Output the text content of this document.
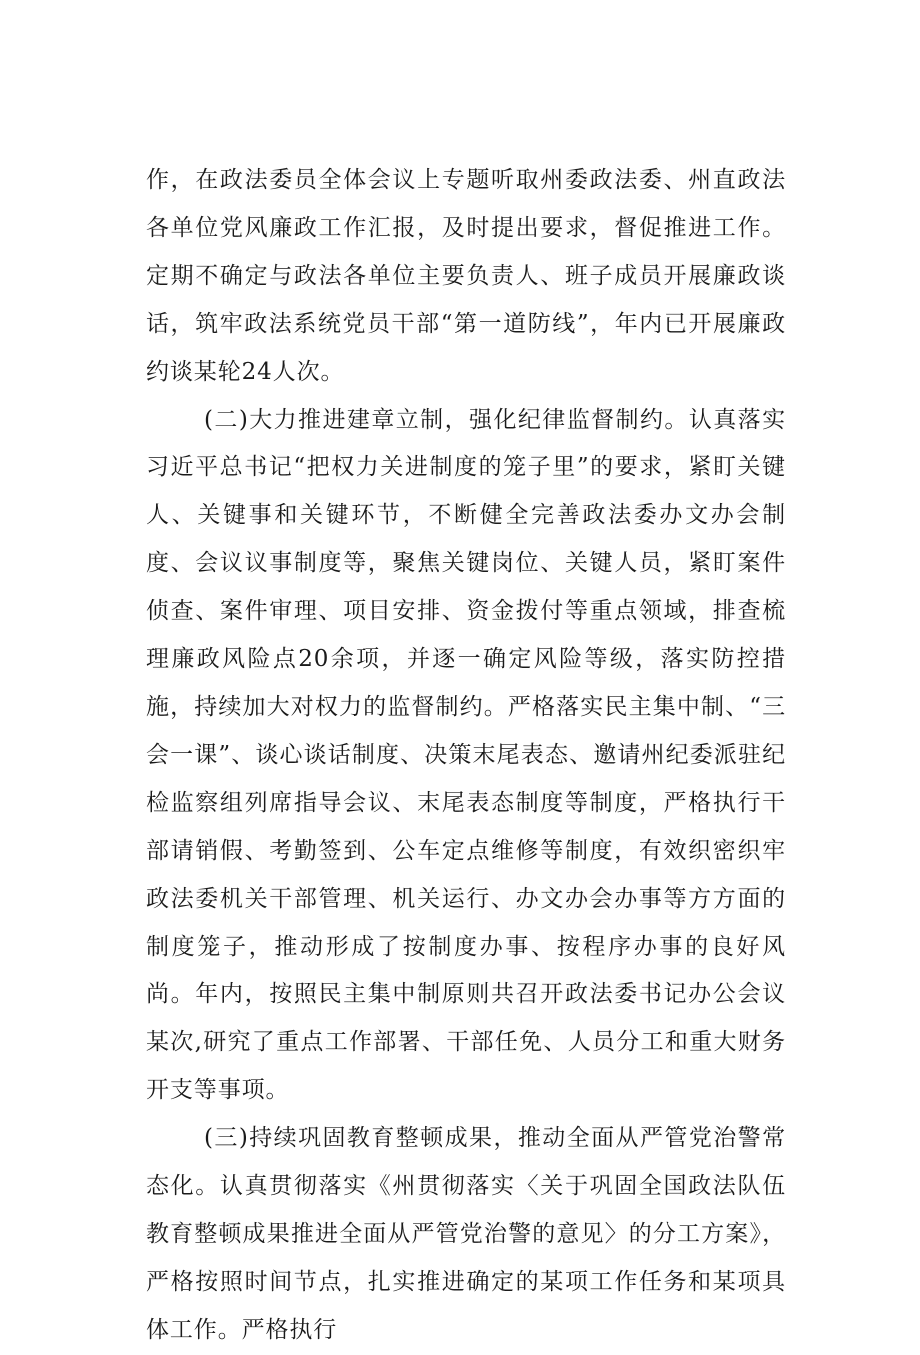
作，在政法委员全体会议上专题听取州委政法委、州直政法各单位党风廉政工作汇报，及时提出要求，督促推进工作。定期不确定与政法各单位主要负责人、班子成员开展廉政谈话，筑牢政法系统党员干部“第一道防线”，年内已开展廉政约谈某轮24人次。

(二)大力推进建章立制，强化纪律监督制约。认真落实习近平总书记“把权力关进制度的笼子里”的要求，紧盯关键人、关键事和关键环节，不断健全完善政法委办文办会制度、会议议事制度等，聚焦关键岗位、关键人员，紧盯案件侦查、案件审理、项目安排、资金拨付等重点领域，排查梳理廉政风险点20余项，并逐一确定风险等级，落实防控措施，持续加大对权力的监督制约。严格落实民主集中制、“三会一课”、谈心谈话制度、决策末尾表态、邀请州纪委派驻纪检监察组列席指导会议、末尾表态制度等制度，严格执行干部请销假、考勤签到、公车定点维修等制度，有效织密织牢政法委机关干部管理、机关运行、办文办会办事等方方面的制度笼子，推动形成了按制度办事、按程序办事的良好风尚。年内，按照民主集中制原则共召开政法委书记办公会议某次,研究了重点工作部署、干部任免、人员分工和重大财务开支等事项。

(三)持续巩固教育整顿成果，推动全面从严管党治警常态化。认真贯彻落实《州贯彻落实〈关于巩固全国政法队伍教育整顿成果推进全面从严管党治警的意见〉的分工方案》，严格按照时间节点，扎实推进确定的某项工作任务和某项具体工作。严格执行
